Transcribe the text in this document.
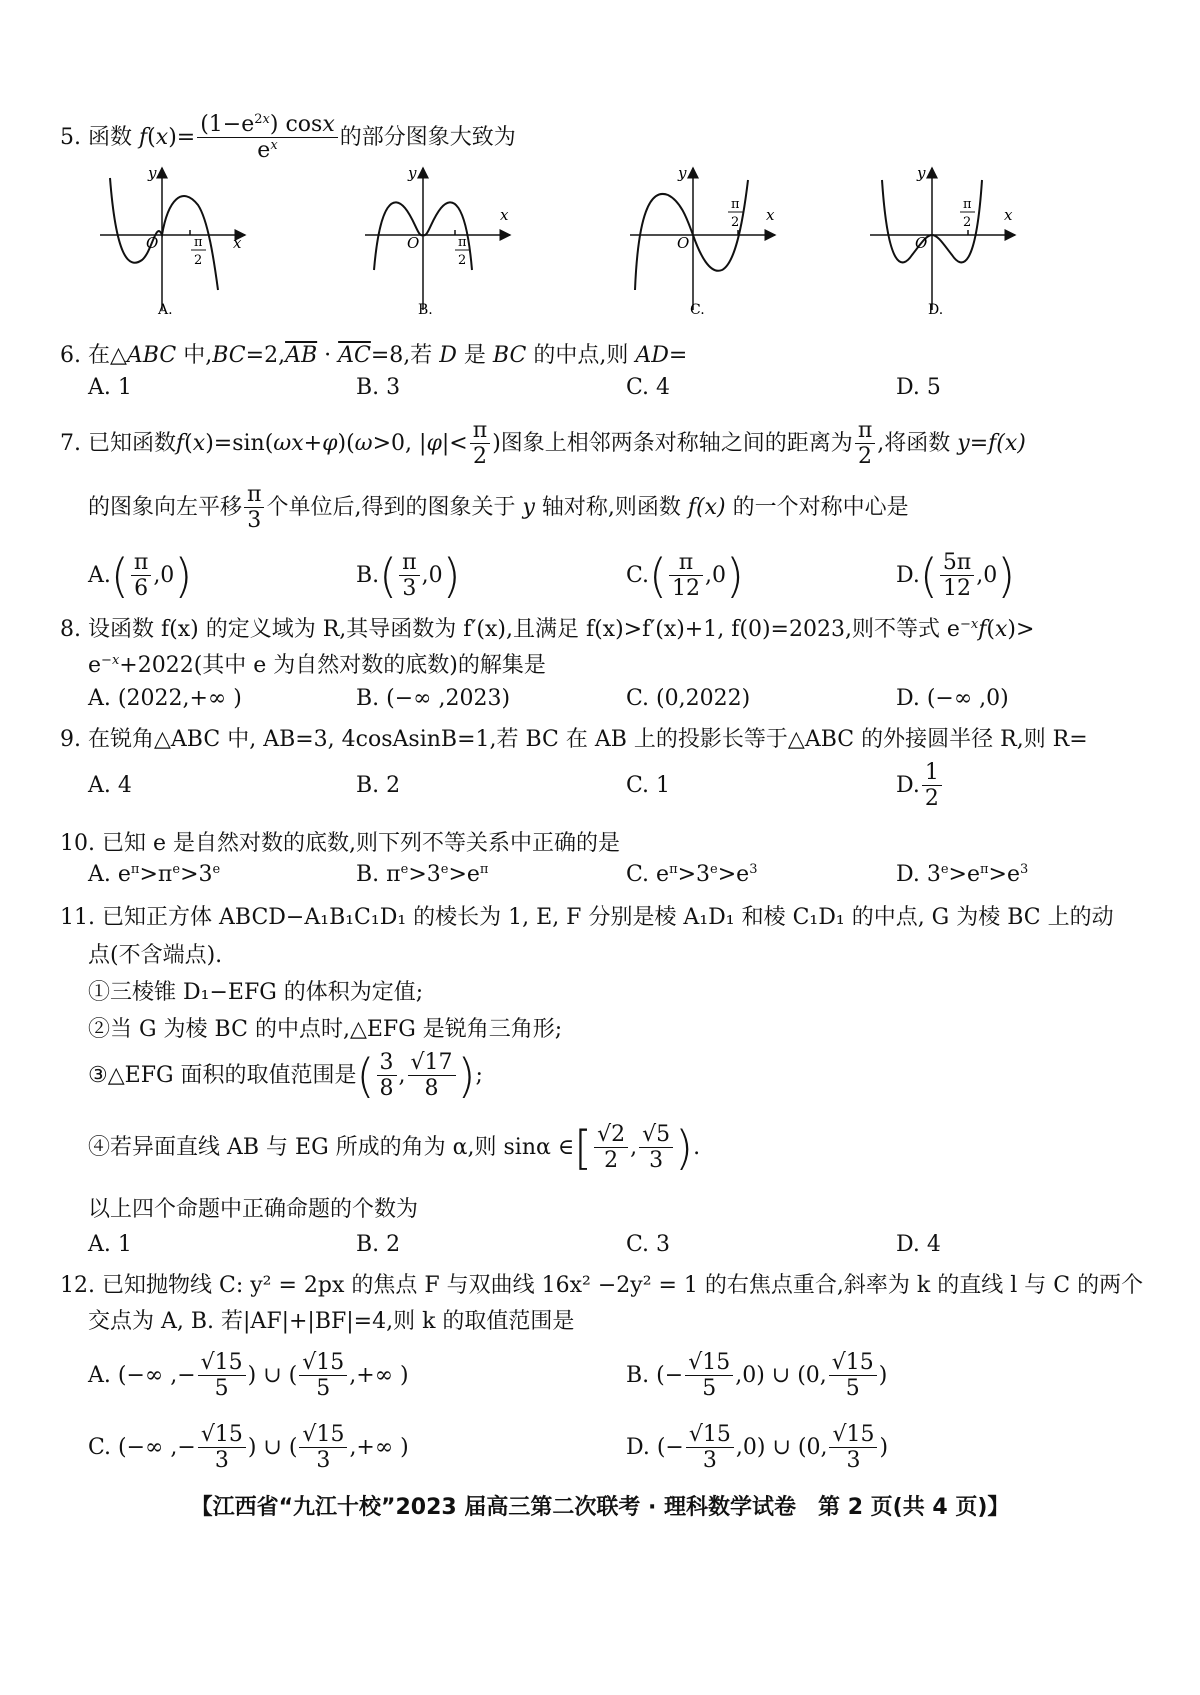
5. 函数 $f(x)= \frac{(1-e^{2x}) \cos x}{e^x}$ 的部分图象大致为
y
x
O	π
2
A.
y
x
O	π
2
B.
y
x
O
π
2
C.
y
x
O
π
2
D.
6. 在△ABC 中$,BC=2,\overline{AB} \cdot \overline{AC}=8$,若 D 是 BC 的中点,则 AD=
A. 1	B. 3	C. 4	D. 5
7. 已知函数f(x)=sin(ωx+φ)(ω>0, $|\varphi|< \frac{\pi}{2}$ )图象上相邻两条对称轴之间的距离为 $\frac{\pi}{2}$ ,将函数 y=f(x)
的图象向左平移 $\frac{\pi}{3}$ 个单位后,得到的图象关于 y 轴对称,则函数 f(x) 的一个对称中心是
$A.( \frac{\pi}{6} ,0)$	$B.( \frac{\pi}{3} ,0)$	$C.( \frac{\pi}{12} ,0)$	$D.( \frac{5\pi}{12} ,0)$
8. 设函数 f(x) 的定义域为 R,其导函数为 f′(x),且满足 f(x)>f′(x)+1, f(0)=2023,则不等式 $e^{-x}f(x)>$
$e^{-x}+2022$(其中 e 为自然对数的底数)的解集是
A. (2022,+∞ )	B. (−∞ ,2023)	C. (0,2022)	D. (−∞ ,0)
9. 在锐角△ABC 中, AB=3, 4cosAsinB=1,若 BC 在 AB 上的投影长等于△ABC 的外接圆半径 R,则 R=
A. 4	B. 2	C. 1	D. $\frac{1}{2}$
10. 已知 e 是自然对数的底数,则下列不等关系中正确的是
A. $e^\pi>\pi^e>3^e$	B. $\pi^e>3^e>e^\pi$	C. $e^\pi>3^e>e^3$	D. $3^e>e^\pi>e^3$
11. 已知正方体 ABCD−A₁B₁C₁D₁ 的棱长为 1, E, F 分别是棱 A₁D₁ 和棱 C₁D₁ 的中点, G 为棱 BC 上的动
点(不含端点).
①三棱锥 D₁−EFG 的体积为定值;
②当 G 为棱 BC 的中点时,△EFG 是锐角三角形;
③△EFG 面积的取值范围是( $\frac{3}{8}$ , $\frac{√17}{8}$ );
④若异面直线 AB 与 EG 所成的角为 α,则 sinα ∈[ $\frac{√2}{2}$ , $\frac{√5}{3}$ ).
以上四个命题中正确命题的个数为
A. 1	B. 2	C. 3	D. 4
12. 已知抛物线 C: y² = 2px 的焦点 F 与双曲线 16x² −2y² = 1 的右焦点重合,斜率为 k 的直线 l 与 C 的两个
交点为 A, B. 若|AF|+|BF|=4,则 k 的取值范围是
A. (−∞ ,− $\frac{√15}{5}$ ) ∪ ( $\frac{√15}{5}$ ,+∞ )	B. (− $\frac{√15}{5} ,0$) ∪ (0, $\frac{√15}{5}$ )
C. (−∞ ,− $\frac{√15}{3}$ ) ∪ ( $\frac{√15}{3}$ ,+∞ )	D. (− $\frac{√15}{3} ,0$) ∪ (0, $\frac{√15}{3}$ )
【江西省“九江十校”2023 届高三第二次联考 · 理科数学试卷　第 2 页(共 4 页)】
